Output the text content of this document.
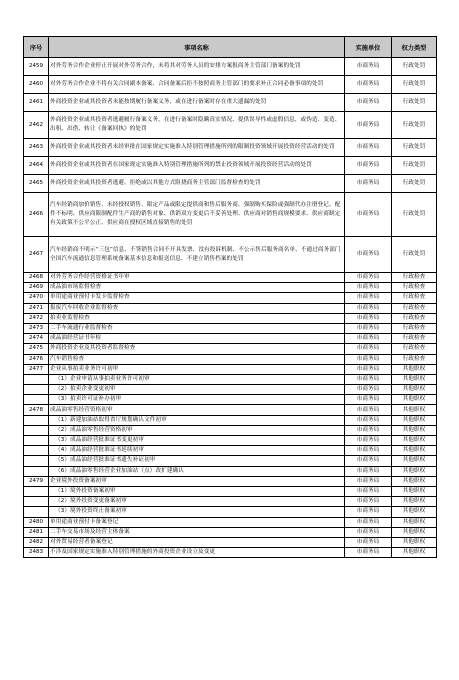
序号	事项名称	实施单位	权力类型
2459	对外劳务合作企业停止开展对外劳务合作，未将其对劳务人员的安排方案报商务主管部门备案的处罚	市商务局	行政处罚
2460	对外劳务合作企业不将有关合同副本备案、合同备案后拒不按照商务主管部门的要求补正合同必备事项的处罚	市商务局	行政处罚
2461	外商投资企业或其投资者未能按期履行备案义务，或在进行备案时存在重大遗漏的处罚	市商务局	行政处罚
2462	外商投资企业或其投资者逃避履行备案义务，在进行备案时隐瞒真实情况、提供误导性或虚假信息，或伪造、变造、出租、出借、转让《备案回执》的处罚	市商务局	行政处罚
2463	外商投资企业或其投资者未经审批在国家规定实施准入特别管理措施所列的限制投资领域开展投资经营活动的处罚	市商务局	行政处罚
2464	外商投资企业或其投资者在国家规定实施准入特别管理措施所列的禁止投资领域开展投资经营活动的处罚	市商务局	行政处罚
2465	外商投资企业或其投资者逃避、拒绝或以其他方式阻挠商务主管部门监督检查的处罚	市商务局	行政处罚
2466	汽车经销商加价销售、未经授权销售、限定产品或限定提供商和售后服务商、强制购买保险或强制代办注册登记、配件不标明、供应商限制配件生产商的销售对象、供销双方变更后不妥善处理、供应商对销售商规模要求、供应商制定有关政策不公平公正、供应商在授权区域直接销售的处罚	市商务局	行政处罚
2467	汽车经销商不明示“三包”信息、不签销售合同不开具发票、没有投诉机制、不公示售后服务商名单、不通过商务部门全国汽车流通信息管理系统备案基本信息和报送信息、不建立销售档案的处罚	市商务局	行政处罚
2468	对外劳务合作经营资格证书年审	市商务局	行政检查
2469	成品油市场监督检查	市商务局	行政检查
2470	单用途商业预付卡发卡监督检查	市商务局	行政检查
2471	报废汽车回收企业监督检查	市商务局	行政检查
2472	拍卖业监督检查	市商务局	行政检查
2473	二手车流通行业监督检查	市商务局	行政检查
2474	成品油经营证书年检	市商务局	行政检查
2475	外商投资企业及其投资者监督检查	市商务局	行政检查
2476	汽车销售检查	市商务局	行政检查
2477	企业从事拍卖业务许可初审	市商务局	其他职权
	（1）企业申请从事拍卖业务许可初审	市商务局	其他职权
	（2）拍卖企业变更初审	市商务局	其他职权
	（3）拍卖许可证补办初审	市商务局	其他职权
2478	成品油零售经营资格初审	市商务局	其他职权
	（1）新建加油站取得省厅规划确认文件初审	市商务局	其他职权
	（2）成品油零售经营资格初审	市商务局	其他职权
	（3）成品油经营批准证书变更初审	市商务局	其他职权
	（4）成品油经营批准证书延续初审	市商务局	其他职权
	（5）成品油经营批准证书遗失补证初审	市商务局	其他职权
	（6）成品油零售经营企业加油站（点）改扩建确认	市商务局	其他职权
2479	企业境外投资备案初审	市商务局	其他职权
	（1）境外投资备案初审	市商务局	其他职权
	（2）境外投资变更备案初审	市商务局	其他职权
	（3）境外投资终止备案初审	市商务局	其他职权
2480	单用途商业预付卡备案登记	市商务局	其他职权
2481	二手车交易市场及经营主体备案	市商务局	其他职权
2482	对外贸易经营者备案登记	市商务局	其他职权
2483	不涉及国家规定实施准入特别管理措施的外商投资企业设立及变更	市商务局	其他职权
